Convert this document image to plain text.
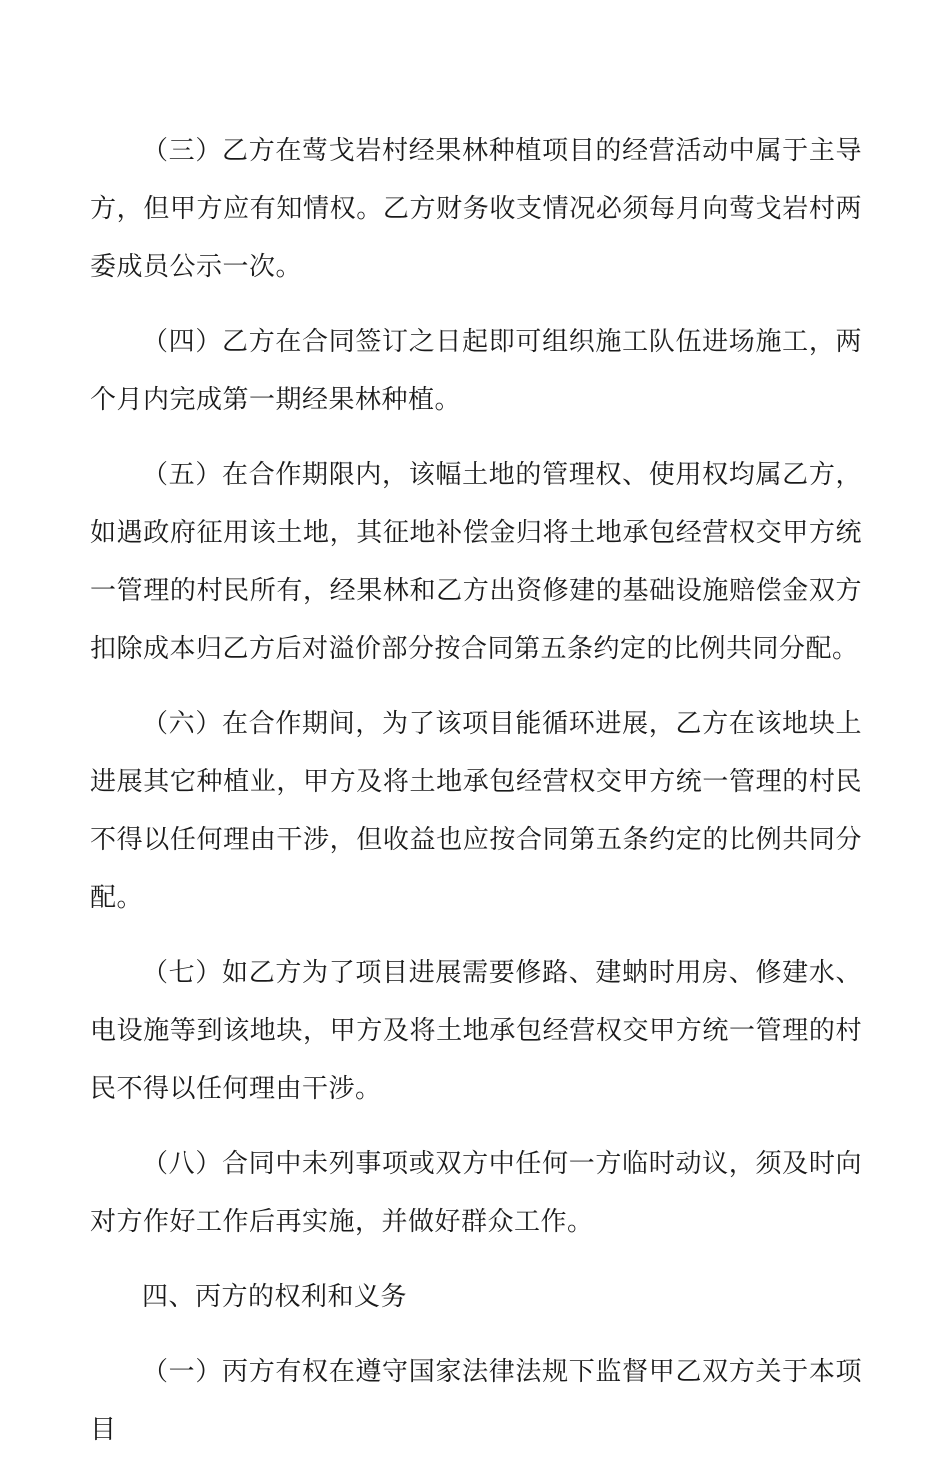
（三）乙方在莺戈岩村经果林种植项目的经营活动中属于主导方，但甲方应有知情权。乙方财务收支情况必须每月向莺戈岩村两委成员公示一次。

（四）乙方在合同签订之日起即可组织施工队伍进场施工，两个月内完成第一期经果林种植。

（五）在合作期限内，该幅土地的管理权、使用权均属乙方，如遇政府征用该土地，其征地补偿金归将土地承包经营权交甲方统一管理的村民所有，经果林和乙方出资修建的基础设施赔偿金双方扣除成本归乙方后对溢价部分按合同第五条约定的比例共同分配。

（六）在合作期间，为了该项目能循环进展，乙方在该地块上进展其它种植业，甲方及将土地承包经营权交甲方统一管理的村民不得以任何理由干涉，但收益也应按合同第五条约定的比例共同分配。

（七）如乙方为了项目进展需要修路、建蚋时用房、修建水、电设施等到该地块，甲方及将土地承包经营权交甲方统一管理的村民不得以任何理由干涉。

（八）合同中未列事项或双方中任何一方临时动议，须及时向对方作好工作后再实施，并做好群众工作。

四、丙方的权利和义务

（一）丙方有权在遵守国家法律法规下监督甲乙双方关于本项目
